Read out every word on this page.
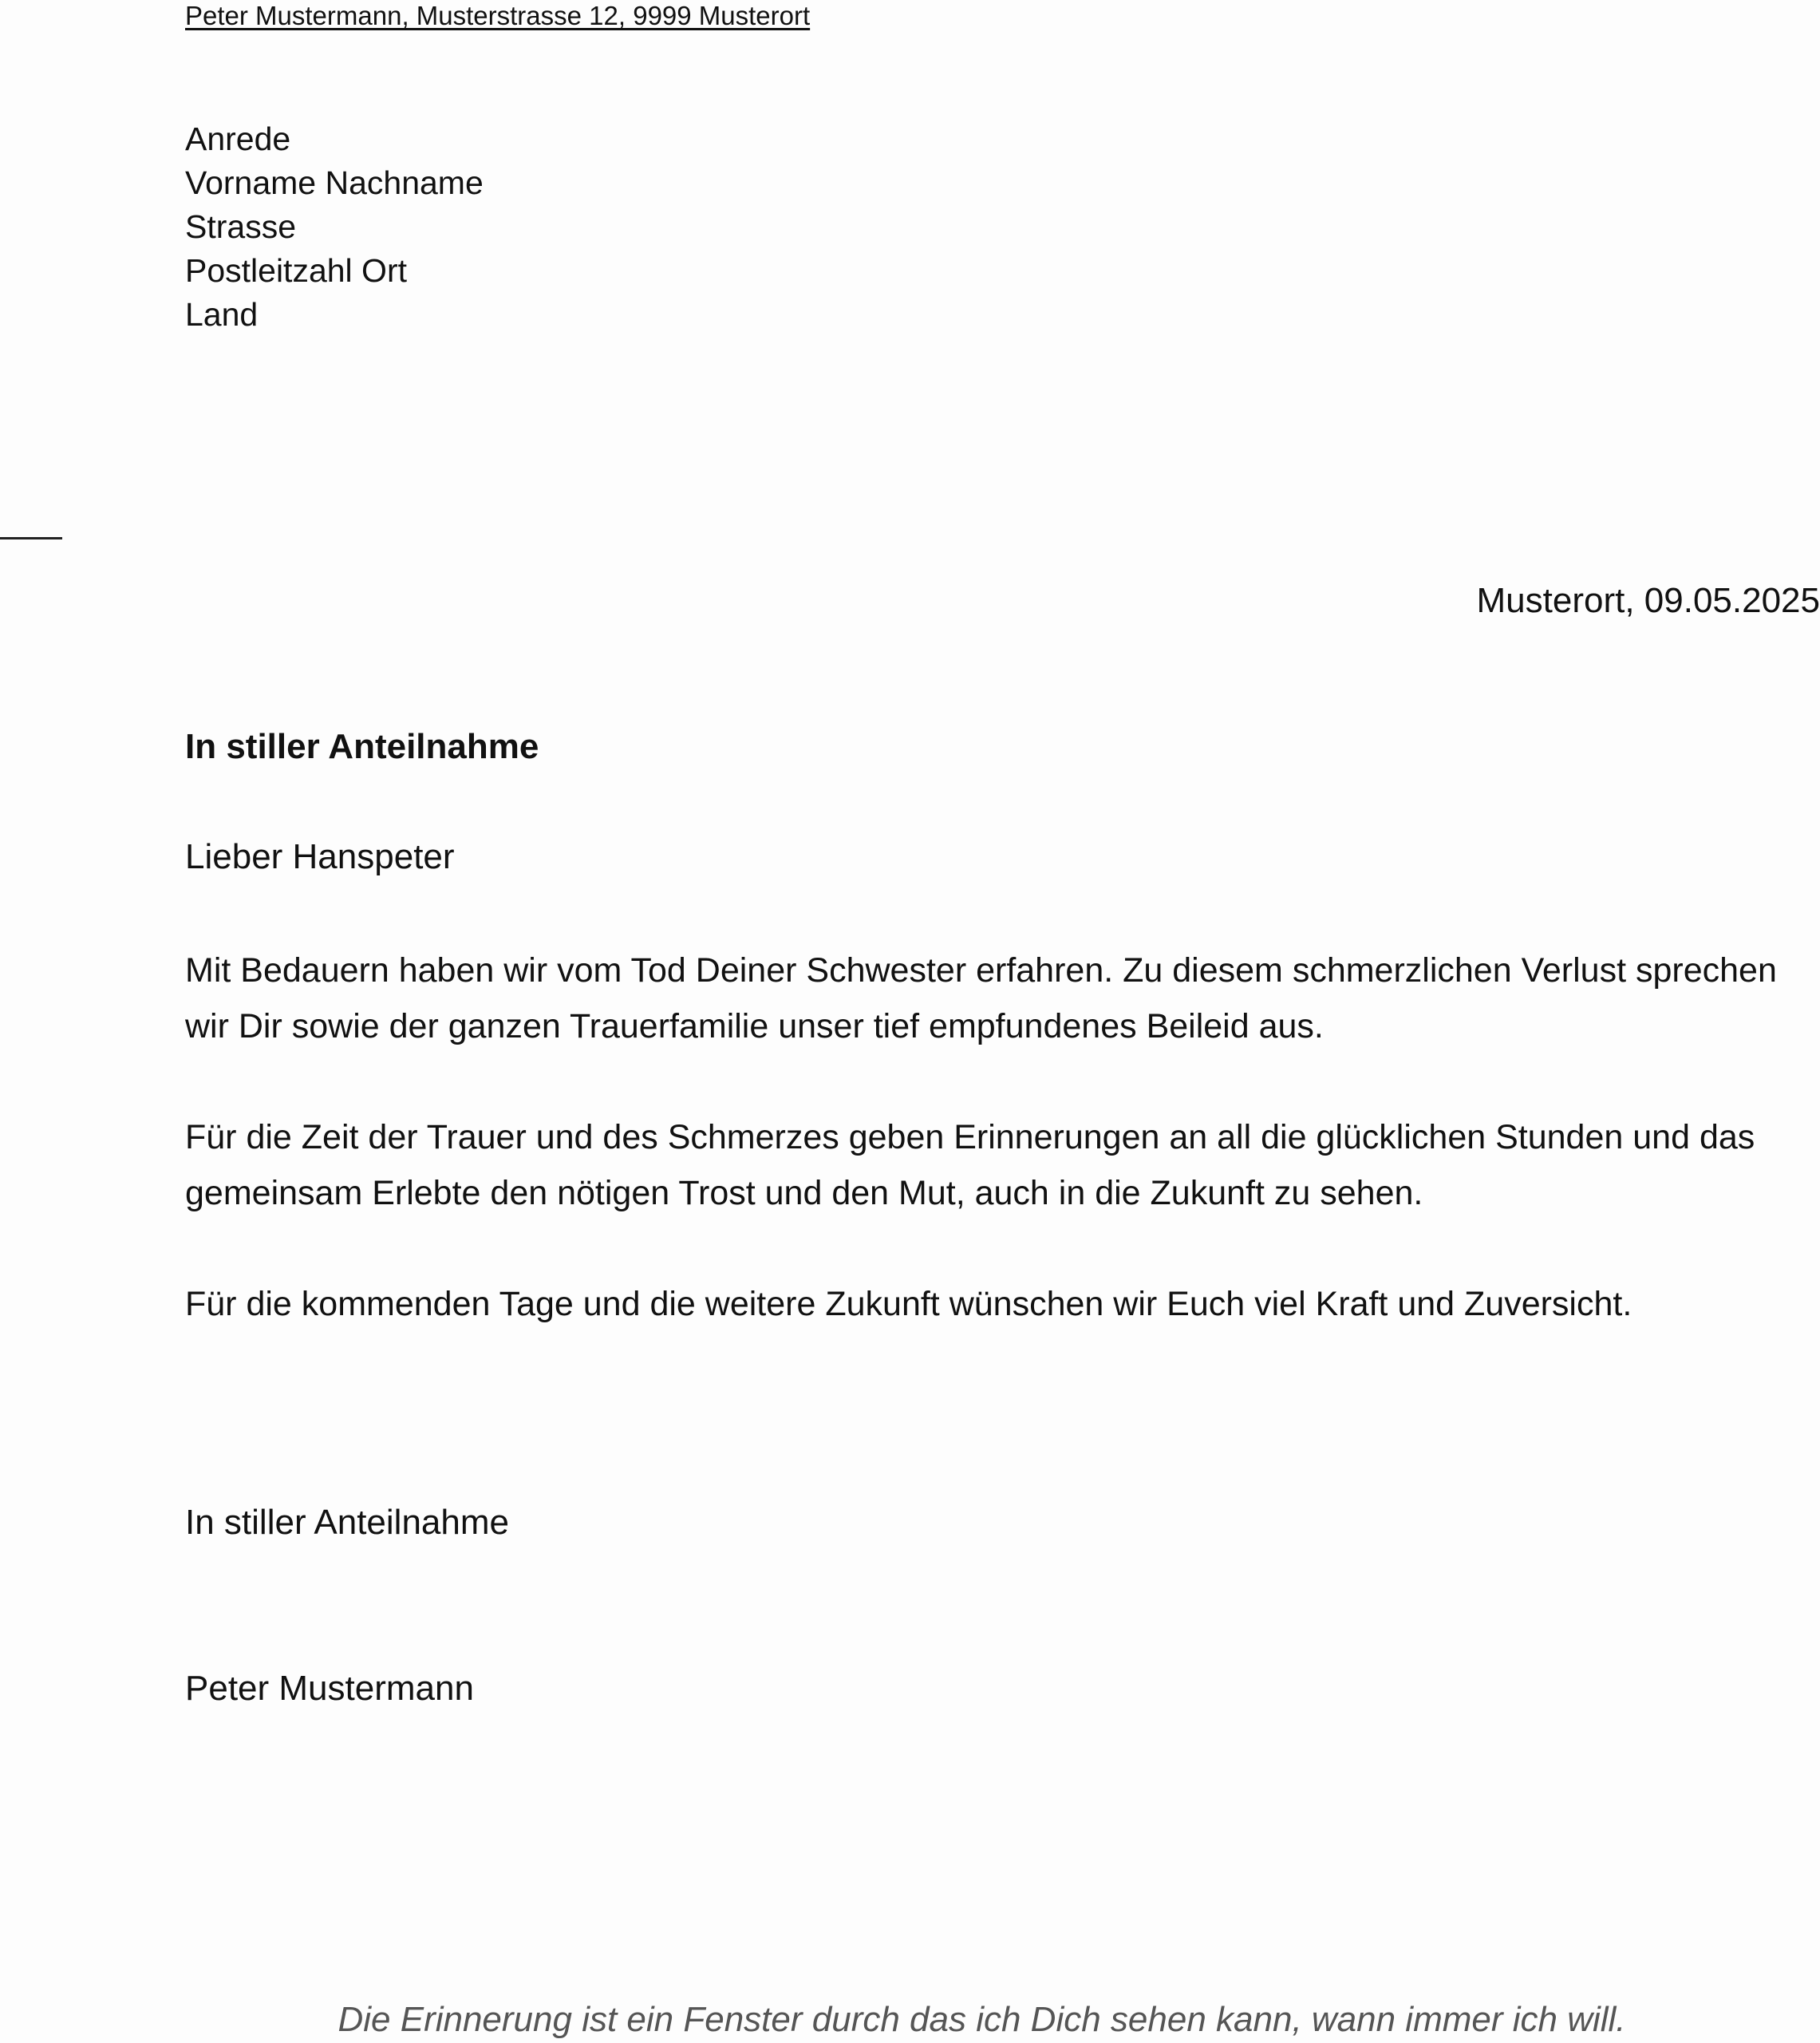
Peter Mustermann, Musterstrasse 12, 9999 Musterort
Anrede
Vorname Nachname
Strasse
Postleitzahl Ort
Land
Musterort, 09.05.2025
In stiller Anteilnahme
Lieber Hanspeter
Mit Bedauern haben wir vom Tod Deiner Schwester erfahren. Zu diesem schmerzlichen Verlust sprechen wir Dir sowie der ganzen Trauerfamilie unser tief empfundenes Beileid aus.
Für die Zeit der Trauer und des Schmerzes geben Erinnerungen an all die glücklichen Stunden und das gemeinsam Erlebte den nötigen Trost und den Mut, auch in die Zukunft zu sehen.
Für die kommenden Tage und die weitere Zukunft wünschen wir Euch viel Kraft und Zuversicht.
In stiller Anteilnahme
Peter Mustermann
Die Erinnerung ist ein Fenster durch das ich Dich sehen kann, wann immer ich will.
